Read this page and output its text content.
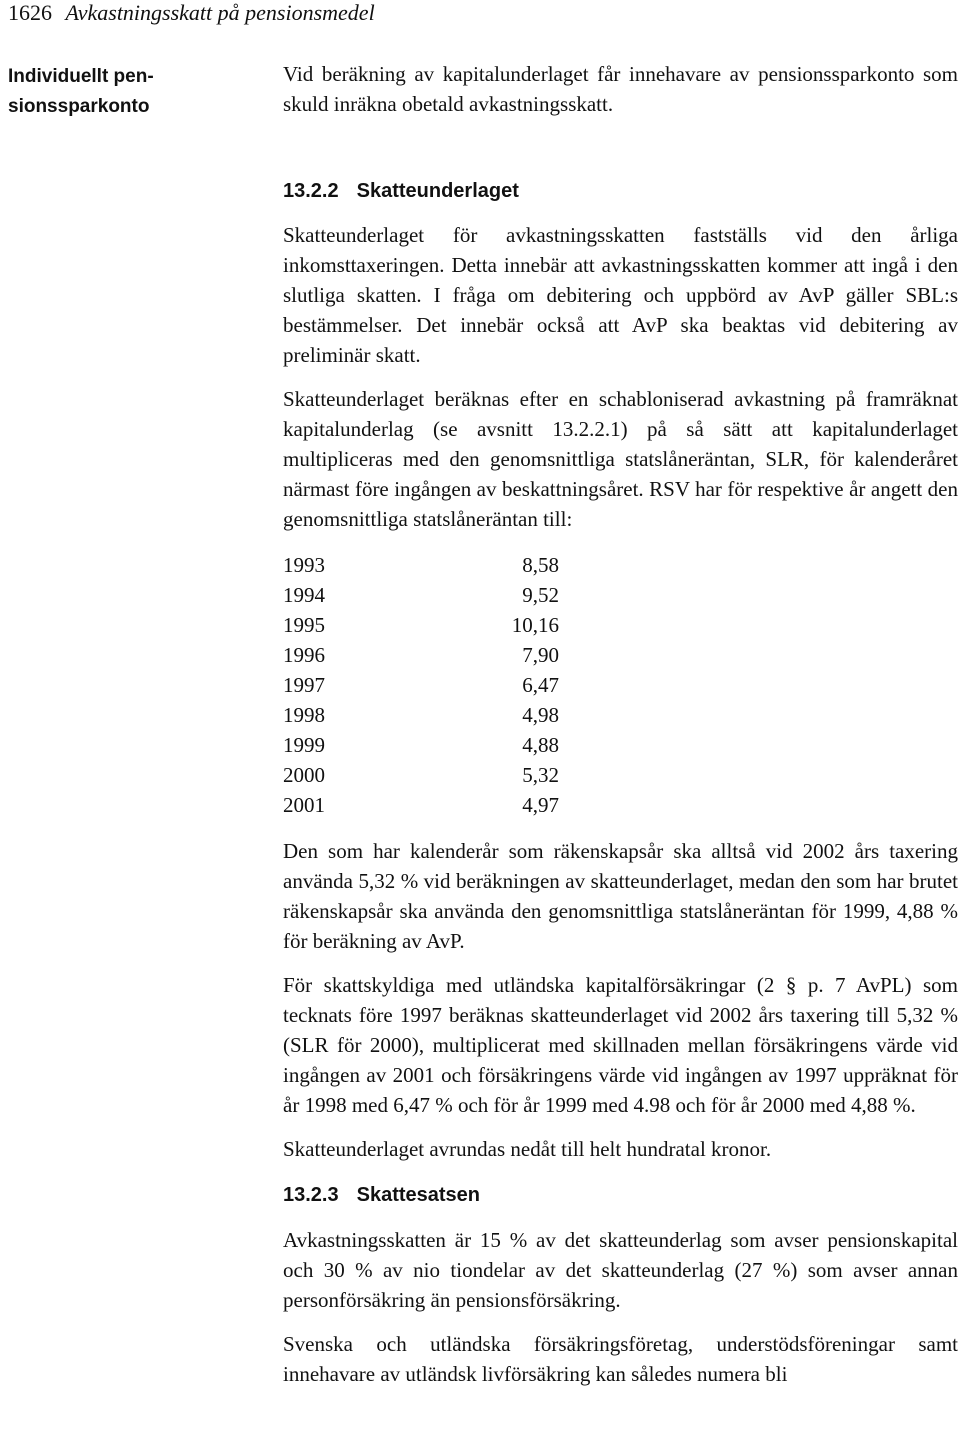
1626 Avkastningsskatt på pensionsmedel
Individuellt pen-
sionssparkonto

Vid beräkning av kapitalunderlaget får innehavare av pensionssparkonto som skuld inräkna obetald avkastningsskatt.

13.2.2 Skatteunderlaget

Skatteunderlaget för avkastningsskatten fastställs vid den årliga inkomsttaxeringen. Detta innebär att avkastningsskatten kommer att ingå i den slutliga skatten. I fråga om debitering och uppbörd av AvP gäller SBL:s bestämmelser. Det innebär också att AvP ska beaktas vid debitering av preliminär skatt.

Skatteunderlaget beräknas efter en schabloniserad avkastning på framräknat kapitalunderlag (se avsnitt 13.2.2.1) på så sätt att kapitalunderlaget multipliceras med den genomsnittliga statslåneräntan, SLR, för kalenderåret närmast före ingången av beskattningsåret. RSV har för respektive år angett den genomsnittliga statslåneräntan till:

1993	8,58
1994	9,52
1995	10,16
1996	7,90
1997	6,47
1998	4,98
1999	4,88
2000	5,32
2001	4,97

Den som har kalenderår som räkenskapsår ska alltså vid 2002 års taxering använda 5,32 % vid beräkningen av skatteunderlaget, medan den som har brutet räkenskapsår ska använda den genomsnittliga statslåneräntan för 1999, 4,88 % för beräkning av AvP.

För skattskyldiga med utländska kapitalförsäkringar (2 § p. 7 AvPL) som tecknats före 1997 beräknas skatteunderlaget vid 2002 års taxering till 5,32 % (SLR för 2000), multiplicerat med skillnaden mellan försäkringens värde vid ingången av 2001 och försäkringens värde vid ingången av 1997 uppräknat för år 1998 med 6,47 % och för år 1999 med 4.98 och för år 2000 med 4,88 %.

Skatteunderlaget avrundas nedåt till helt hundratal kronor.

13.2.3 Skattesatsen

Avkastningsskatten är 15 % av det skatteunderlag som avser pensionskapital och 30 % av nio tiondelar av det skatteunderlag (27 %) som avser annan personförsäkring än pensionsförsäkring.

Svenska och utländska försäkringsföretag, understödsföreningar samt innehavare av utländsk livförsäkring kan således numera bli
